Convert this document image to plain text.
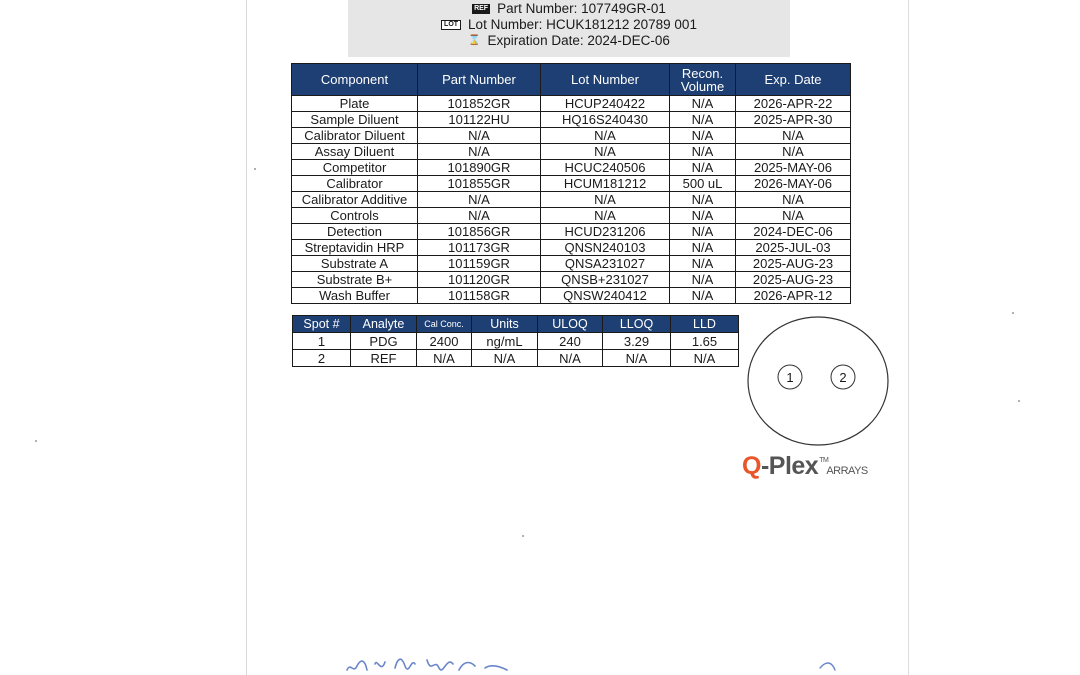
REF Part Number: 107749GR-01
LOT Lot Number: HCUK181212 20789 001
⌛ Expiration Date: 2024-DEC-06
Component	Part Number	Lot Number	Recon. Volume	Exp. Date
Plate	101852GR	HCUP240422	N/A	2026-APR-22
Sample Diluent	101122HU	HQ16S240430	N/A	2025-APR-30
Calibrator Diluent	N/A	N/A	N/A	N/A
Assay Diluent	N/A	N/A	N/A	N/A
Competitor	101890GR	HCUC240506	N/A	2025-MAY-06
Calibrator	101855GR	HCUM181212	500 uL	2026-MAY-06
Calibrator Additive	N/A	N/A	N/A	N/A
Controls	N/A	N/A	N/A	N/A
Detection	101856GR	HCUD231206	N/A	2024-DEC-06
Streptavidin HRP	101173GR	QNSN240103	N/A	2025-JUL-03
Substrate A	101159GR	QNSA231027	N/A	2025-AUG-23
Substrate B+	101120GR	QNSB+231027	N/A	2025-AUG-23
Wash Buffer	101158GR	QNSW240412	N/A	2026-APR-12
Spot #	Analyte	Cal Conc.	Units	ULOQ	LLOQ	LLD
1	PDG	2400	ng/mL	240	3.29	1.65
2	REF	N/A	N/A	N/A	N/A	N/A
1	2
Q-Plex™ARRAYS
